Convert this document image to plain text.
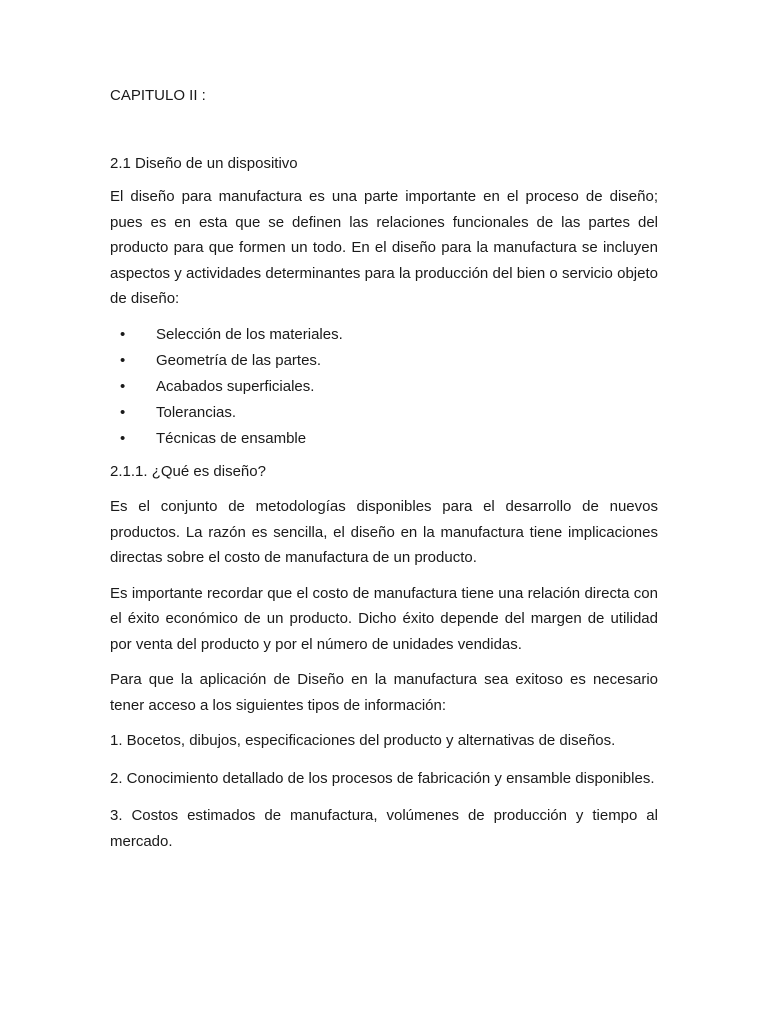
CAPITULO II :
2.1 Diseño de un dispositivo

El diseño para manufactura es una parte importante en el proceso de diseño; pues es en esta que se definen las relaciones funcionales de las partes del producto para que formen un todo. En el diseño para la manufactura se incluyen aspectos y actividades determinantes para la producción del bien o servicio objeto de diseño:

• Selección de los materiales.
• Geometría de las partes.
• Acabados superficiales.
• Tolerancias.
• Técnicas de ensamble

2.1.1. ¿Qué es diseño?

Es el conjunto de metodologías disponibles para el desarrollo de nuevos productos. La razón es sencilla, el diseño en la manufactura tiene implicaciones directas sobre el costo de manufactura de un producto.

Es importante recordar que el costo de manufactura tiene una relación directa con el éxito económico de un producto. Dicho éxito depende del margen de utilidad por venta del producto y por el número de unidades vendidas.

Para que la aplicación de Diseño en la manufactura sea exitoso es necesario tener acceso a los siguientes tipos de información:

1. Bocetos, dibujos, especificaciones del producto y alternativas de diseños.

2. Conocimiento detallado de los procesos de fabricación y ensamble disponibles.

3. Costos estimados de manufactura, volúmenes de producción y tiempo al mercado.
